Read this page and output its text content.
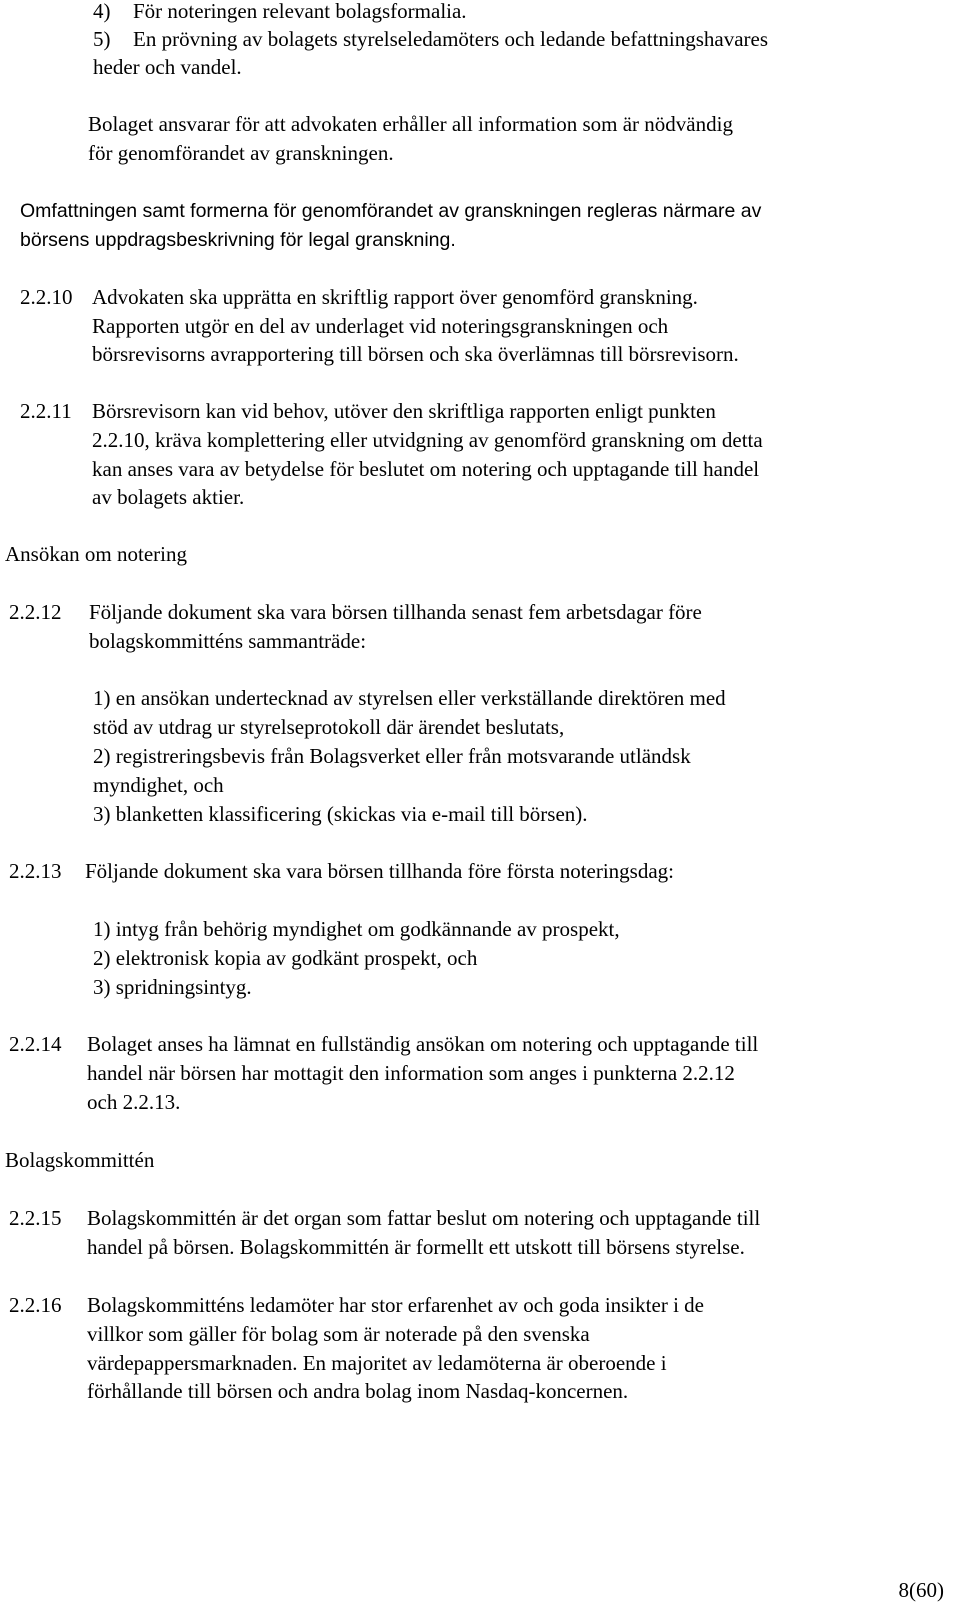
4) För noteringen relevant bolagsformalia.
5) En prövning av bolagets styrelseledamöters och ledande befattningshavares
heder och vandel.
Bolaget ansvarar för att advokaten erhåller all information som är nödvändig
för genomförandet av granskningen.
Omfattningen samt formerna för genomförandet av granskningen regleras närmare av
börsens uppdragsbeskrivning för legal granskning.
2.2.10 Advokaten ska upprätta en skriftlig rapport över genomförd granskning.
Rapporten utgör en del av underlaget vid noteringsgranskningen och
börsrevisorns avrapportering till börsen och ska överlämnas till börsrevisorn.
2.2.11 Börsrevisorn kan vid behov, utöver den skriftliga rapporten enligt punkten
2.2.10, kräva komplettering eller utvidgning av genomförd granskning om detta
kan anses vara av betydelse för beslutet om notering och upptagande till handel
av bolagets aktier.
Ansökan om notering
2.2.12 Följande dokument ska vara börsen tillhanda senast fem arbetsdagar före
bolagskommitténs sammanträde:
1) en ansökan undertecknad av styrelsen eller verkställande direktören med
stöd av utdrag ur styrelseprotokoll där ärendet beslutats,
2) registreringsbevis från Bolagsverket eller från motsvarande utländsk
myndighet, och
3) blanketten klassificering (skickas via e-mail till börsen).
2.2.13 Följande dokument ska vara börsen tillhanda före första noteringsdag:
1) intyg från behörig myndighet om godkännande av prospekt,
2) elektronisk kopia av godkänt prospekt, och
3) spridningsintyg.
2.2.14 Bolaget anses ha lämnat en fullständig ansökan om notering och upptagande till
handel när börsen har mottagit den information som anges i punkterna 2.2.12
och 2.2.13.
Bolagskommittén
2.2.15 Bolagskommittén är det organ som fattar beslut om notering och upptagande till
handel på börsen. Bolagskommittén är formellt ett utskott till börsens styrelse.
2.2.16 Bolagskommitténs ledamöter har stor erfarenhet av och goda insikter i de
villkor som gäller för bolag som är noterade på den svenska
värdepappersmarknaden. En majoritet av ledamöterna är oberoende i
förhållande till börsen och andra bolag inom Nasdaq-koncernen.
8(60)
